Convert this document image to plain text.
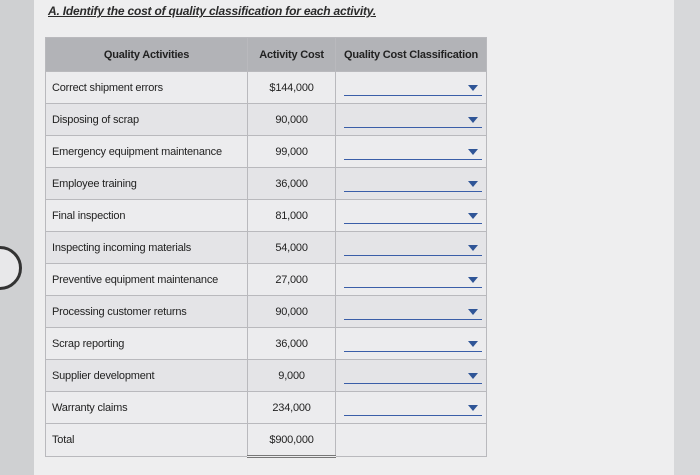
A. Identify the cost of quality classification for each activity.
Quality Activities	Activity Cost	Quality Cost Classification
Correct shipment errors	$144,000	

Disposing of scrap	90,000	

Emergency equipment maintenance	99,000	

Employee training	36,000	

Final inspection	81,000	

Inspecting incoming materials	54,000	

Preventive equipment maintenance	27,000	

Processing customer returns	90,000	

Scrap reporting	36,000	

Supplier development	9,000	

Warranty claims	234,000	

Total	$900,000	
